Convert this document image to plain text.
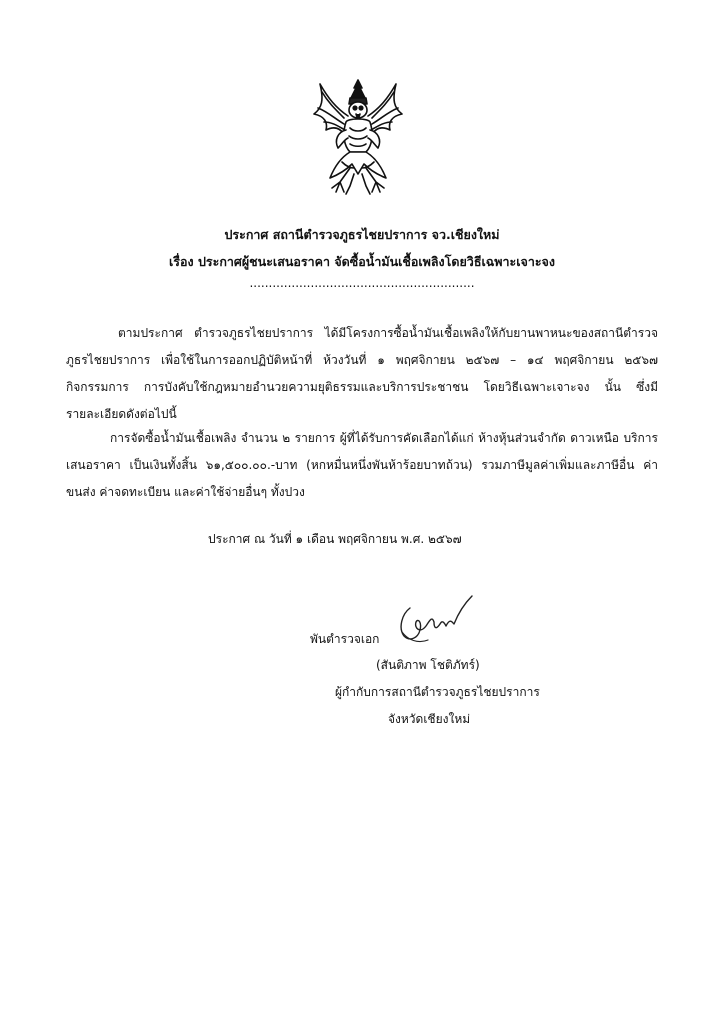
ประกาศ สถานีตำรวจภูธรไชยปราการ จว.เชียงใหม่
เรื่อง ประกาศผู้ชนะเสนอราคา จัดซื้อน้ำมันเชื้อเพลิงโดยวิธีเฉพาะเจาะจง
...........................................................
ตามประกาศ ตำรวจภูธรไชยปราการ ได้มีโครงการซื้อน้ำมันเชื้อเพลิงให้กับยานพาหนะของสถานีตำรวจ
ภูธรไชยปราการ เพื่อใช้ในการออกปฏิบัติหน้าที่ ห้วงวันที่ ๑ พฤศจิกายน ๒๕๖๗ – ๑๔ พฤศจิกายน ๒๕๖๗
กิจกรรมการ การบังคับใช้กฎหมายอำนวยความยุติธรรมและบริการประชาชน โดยวิธีเฉพาะเจาะจง นั้น ซึ่งมี
รายละเอียดดังต่อไปนี้
การจัดซื้อน้ำมันเชื้อเพลิง จำนวน ๒ รายการ ผู้ที่ได้รับการคัดเลือกได้แก่ ห้างหุ้นส่วนจำกัด ดาวเหนือ บริการ
เสนอราคา เป็นเงินทั้งสิ้น ๖๑,๕๐๐.๐๐.-บาท (หกหมื่นหนึ่งพันห้าร้อยบาทถ้วน) รวมภาษีมูลค่าเพิ่มและภาษีอื่น ค่า
ขนส่ง ค่าจดทะเบียน และค่าใช้จ่ายอื่นๆ ทั้งปวง
ประกาศ ณ วันที่ ๑ เดือน พฤศจิกายน พ.ศ. ๒๕๖๗
พันตำรวจเอก
(สันติภาพ โชติภัทร์)
ผู้กำกับการสถานีตำรวจภูธรไชยปราการ
จังหวัดเชียงใหม่
